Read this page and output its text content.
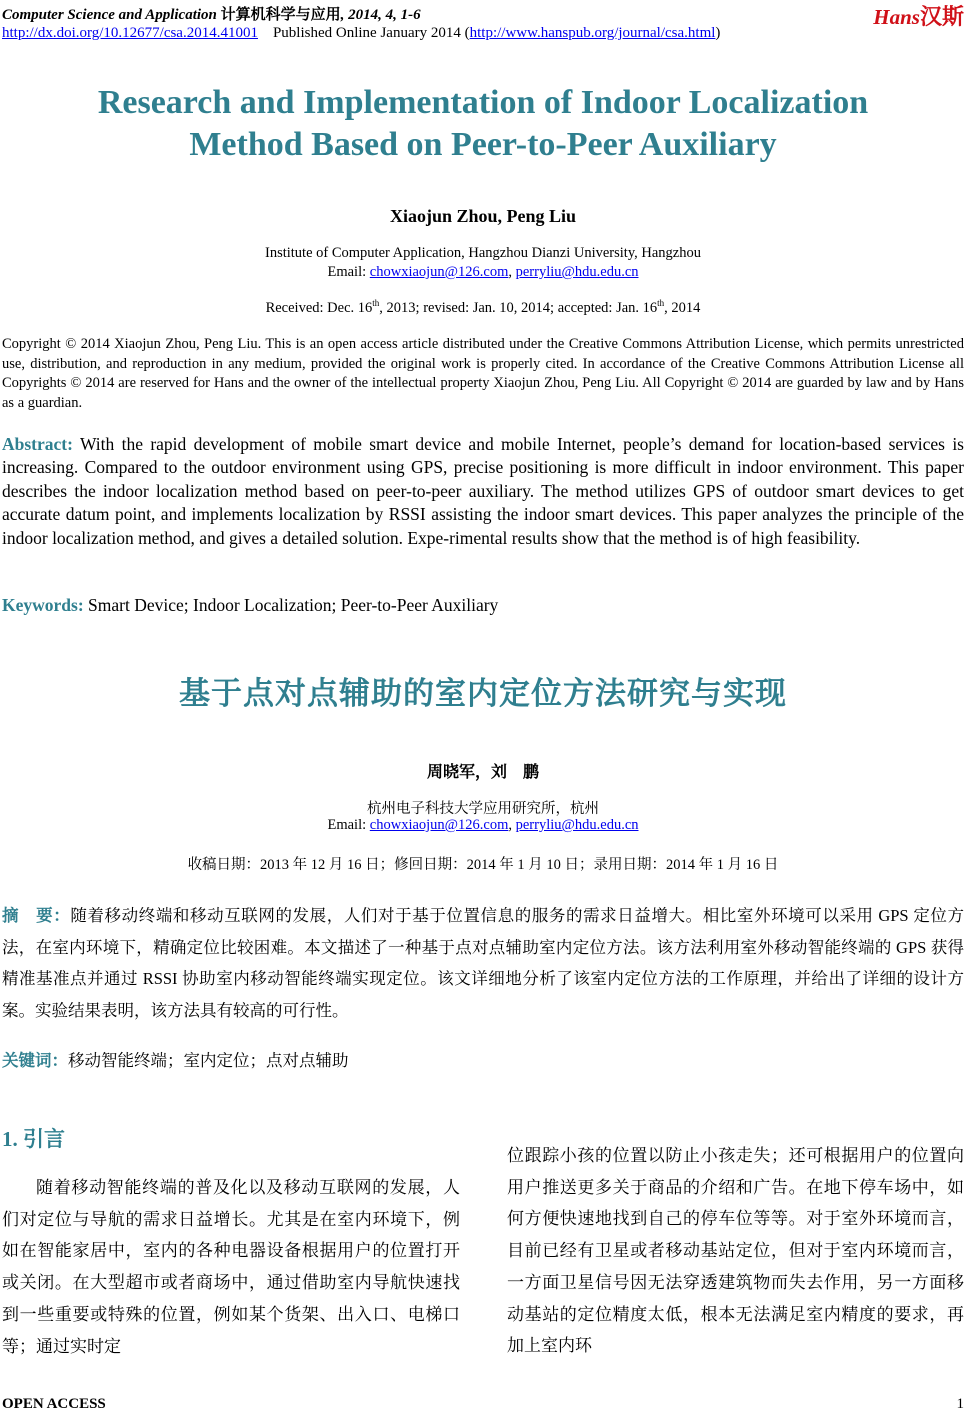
Computer Science and Application 计算机科学与应用, 2014, 4, 1-6
http://dx.doi.org/10.12677/csa.2014.41001 Published Online January 2014 (http://www.hanspub.org/journal/csa.html)
Hans汉斯
Research and Implementation of Indoor Localization
Method Based on Peer-to-Peer Auxiliary
Xiaojun Zhou, Peng Liu
Institute of Computer Application, Hangzhou Dianzi University, Hangzhou
Email: chowxiaojun@126.com, perryliu@hdu.edu.cn
Received: Dec. 16th, 2013; revised: Jan. 10, 2014; accepted: Jan. 16th, 2014
Copyright © 2014 Xiaojun Zhou, Peng Liu. This is an open access article distributed under the Creative Commons Attribution License, which permits unrestricted use, distribution, and reproduction in any medium, provided the original work is properly cited. In accordance of the Creative Commons Attribution License all Copyrights © 2014 are reserved for Hans and the owner of the intellectual property Xiaojun Zhou, Peng Liu. All Copyright © 2014 are guarded by law and by Hans as a guardian.
Abstract: With the rapid development of mobile smart device and mobile Internet, people’s demand for location-based services is increasing. Compared to the outdoor environment using GPS, precise positioning is more difficult in indoor environment. This paper describes the indoor localization method based on peer-to-peer auxiliary. The method utilizes GPS of outdoor smart devices to get accurate datum point, and implements localization by RSSI assisting the indoor smart devices. This paper analyzes the principle of the indoor localization method, and gives a detailed solution. Expe-rimental results show that the method is of high feasibility.
Keywords: Smart Device; Indoor Localization; Peer-to-Peer Auxiliary
基于点对点辅助的室内定位方法研究与实现
周晓军，刘　鹏
杭州电子科技大学应用研究所，杭州
Email: chowxiaojun@126.com, perryliu@hdu.edu.cn
收稿日期：2013 年 12 月 16 日；修回日期：2014 年 1 月 10 日；录用日期：2014 年 1 月 16 日
摘　要：随着移动终端和移动互联网的发展，人们对于基于位置信息的服务的需求日益增大。相比室外环境可以采用 GPS 定位方法，在室内环境下，精确定位比较困难。本文描述了一种基于点对点辅助室内定位方法。该方法利用室外移动智能终端的 GPS 获得精准基准点并通过 RSSI 协助室内移动智能终端实现定位。该文详细地分析了该室内定位方法的工作原理，并给出了详细的设计方案。实验结果表明，该方法具有较高的可行性。
关键词：移动智能终端；室内定位；点对点辅助
1. 引言
随着移动智能终端的普及化以及移动互联网的发展，人们对定位与导航的需求日益增长。尤其是在室内环境下，例如在智能家居中，室内的各种电器设备根据用户的位置打开或关闭。在大型超市或者商场中，通过借助室内导航快速找到一些重要或特殊的位置，例如某个货架、出入口、电梯口等；通过实时定
位跟踪小孩的位置以防止小孩走失；还可根据用户的位置向用户推送更多关于商品的介绍和广告。在地下停车场中，如何方便快速地找到自己的停车位等等。对于室外环境而言，目前已经有卫星或者移动基站定位，但对于室内环境而言，一方面卫星信号因无法穿透建筑物而失去作用，另一方面移动基站的定位精度太低，根本无法满足室内精度的要求，再加上室内环
OPEN ACCESS	1
